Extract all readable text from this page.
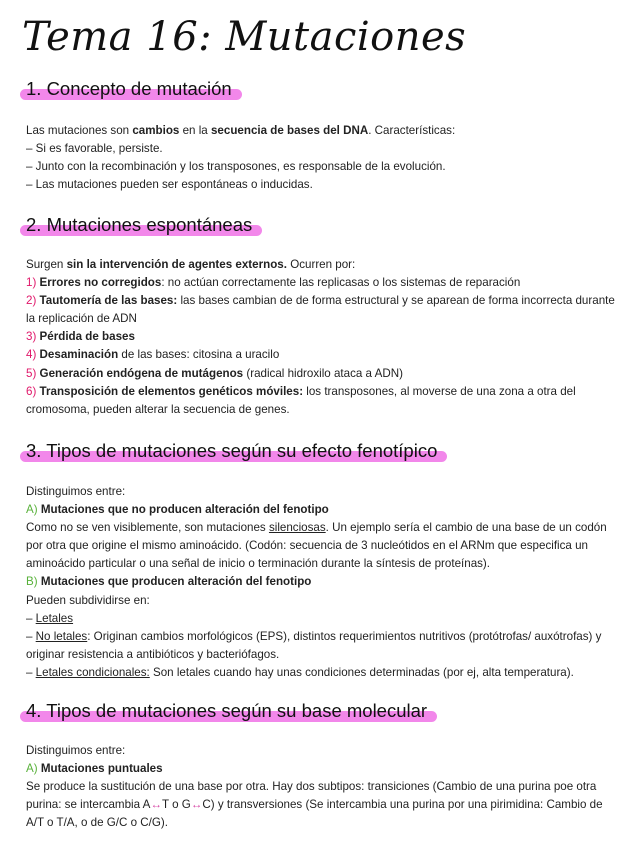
Tema 16: Mutaciones
1. Concepto de mutación
Las mutaciones son cambios en la secuencia de bases del DNA. Características:
– Si es favorable, persiste.
– Junto con la recombinación y los transposones, es responsable de la evolución.
– Las mutaciones pueden ser espontáneas o inducidas.
2. Mutaciones espontáneas
Surgen sin la intervención de agentes externos. Ocurren por:
1) Errores no corregidos: no actúan correctamente las replicasas o los sistemas de reparación
2) Tautomería de las bases: las bases cambian de de forma estructural y se aparean de forma incorrecta durante la replicación de ADN
3) Pérdida de bases
4) Desaminación de las bases: citosina a uracilo
5) Generación endógena de mutágenos (radical hidroxilo ataca a ADN)
6) Transposición de elementos genéticos móviles: los transposones, al moverse de una zona a otra del cromosoma, pueden alterar la secuencia de genes.
3. Tipos de mutaciones según su efecto fenotípico
Distinguimos entre:
A) Mutaciones que no producen alteración del fenotipo
Como no se ven visiblemente, son mutaciones silenciosas. Un ejemplo sería el cambio de una base de un codón por otra que origine el mismo aminoácido. (Codón: secuencia de 3 nucleótidos en el ARNm que especifica un aminoácido particular o una señal de inicio o terminación durante la síntesis de proteínas).
B) Mutaciones que producen alteración del fenotipo
Pueden subdividirse en:
– Letales
– No letales: Originan cambios morfológicos (EPS), distintos requerimientos nutritivos (protótrofas/ auxótrofas) y originar resistencia a antibióticos y bacteriófagos.
– Letales condicionales: Son letales cuando hay unas condiciones determinadas (por ej, alta temperatura).
4. Tipos de mutaciones según su base molecular
Distinguimos entre:
A) Mutaciones puntuales
Se produce la sustitución de una base por otra. Hay dos subtipos: transiciones (Cambio de una purina poe otra purina: se intercambia A↔T o G↔C) y transversiones (Se intercambia una purina por una pirimidina: Cambio de A/T o T/A, o de G/C o C/G).
